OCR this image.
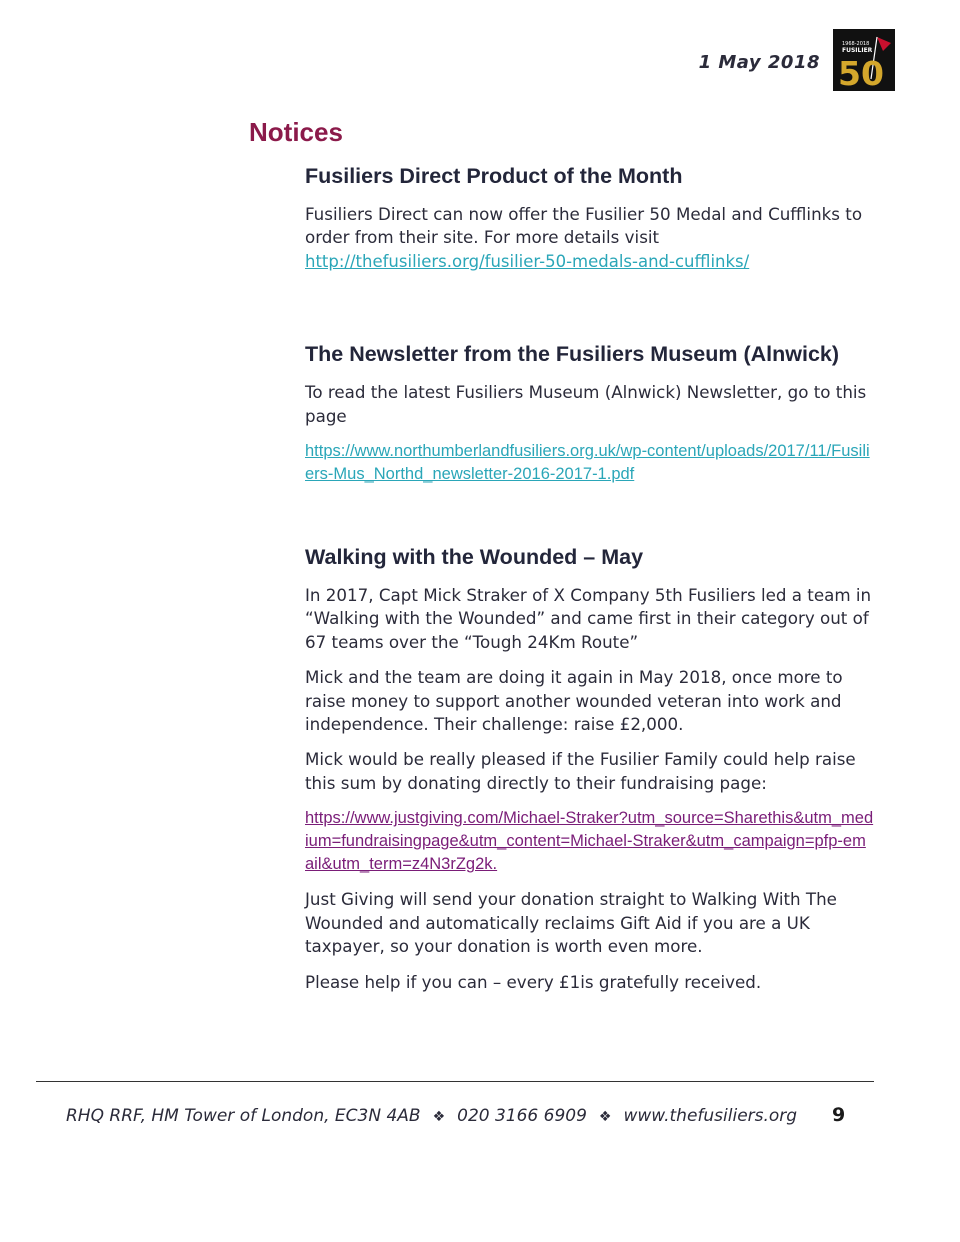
1 May 2018
1968-2018
FUSILIER
50
Notices
Fusiliers Direct Product of the Month

Fusiliers Direct can now offer the Fusilier 50 Medal and Cufflinks to order from their site. For more details visit http://thefusiliers.org/fusilier-50-medals-and-cufflinks/

The Newsletter from the Fusiliers Museum (Alnwick)

To read the latest Fusiliers Museum (Alnwick) Newsletter, go to this page

https://www.northumberlandfusiliers.org.uk/wp-content/uploads/2017/11/Fusiliers-Mus_Northd_newsletter-2016-2017-1.pdf
Walking with the Wounded – May

In 2017, Capt Mick Straker of X Company 5th Fusiliers led a team in “Walking with the Wounded” and came first in their category out of 67 teams over the “Tough 24Km Route”

Mick and the team are doing it again in May 2018, once more to raise money to support another wounded veteran into work and independence. Their challenge: raise £2,000.

Mick would be really pleased if the Fusilier Family could help raise this sum by donating directly to their fundraising page:

https://www.justgiving.com/Michael-Straker?utm_source=Sharethis&utm_medium=fundraisingpage&utm_content=Michael-Straker&utm_campaign=pfp-email&utm_term=z4N3rZg2k.

Just Giving will send your donation straight to Walking With The Wounded and automatically reclaims Gift Aid if you are a UK taxpayer, so your donation is worth even more.

Please help if you can – every £1is gratefully received.

RHQ RRF, HM Tower of London, EC3N 4AB ❖ 020 3166 6909 ❖ www.thefusiliers.org	9
